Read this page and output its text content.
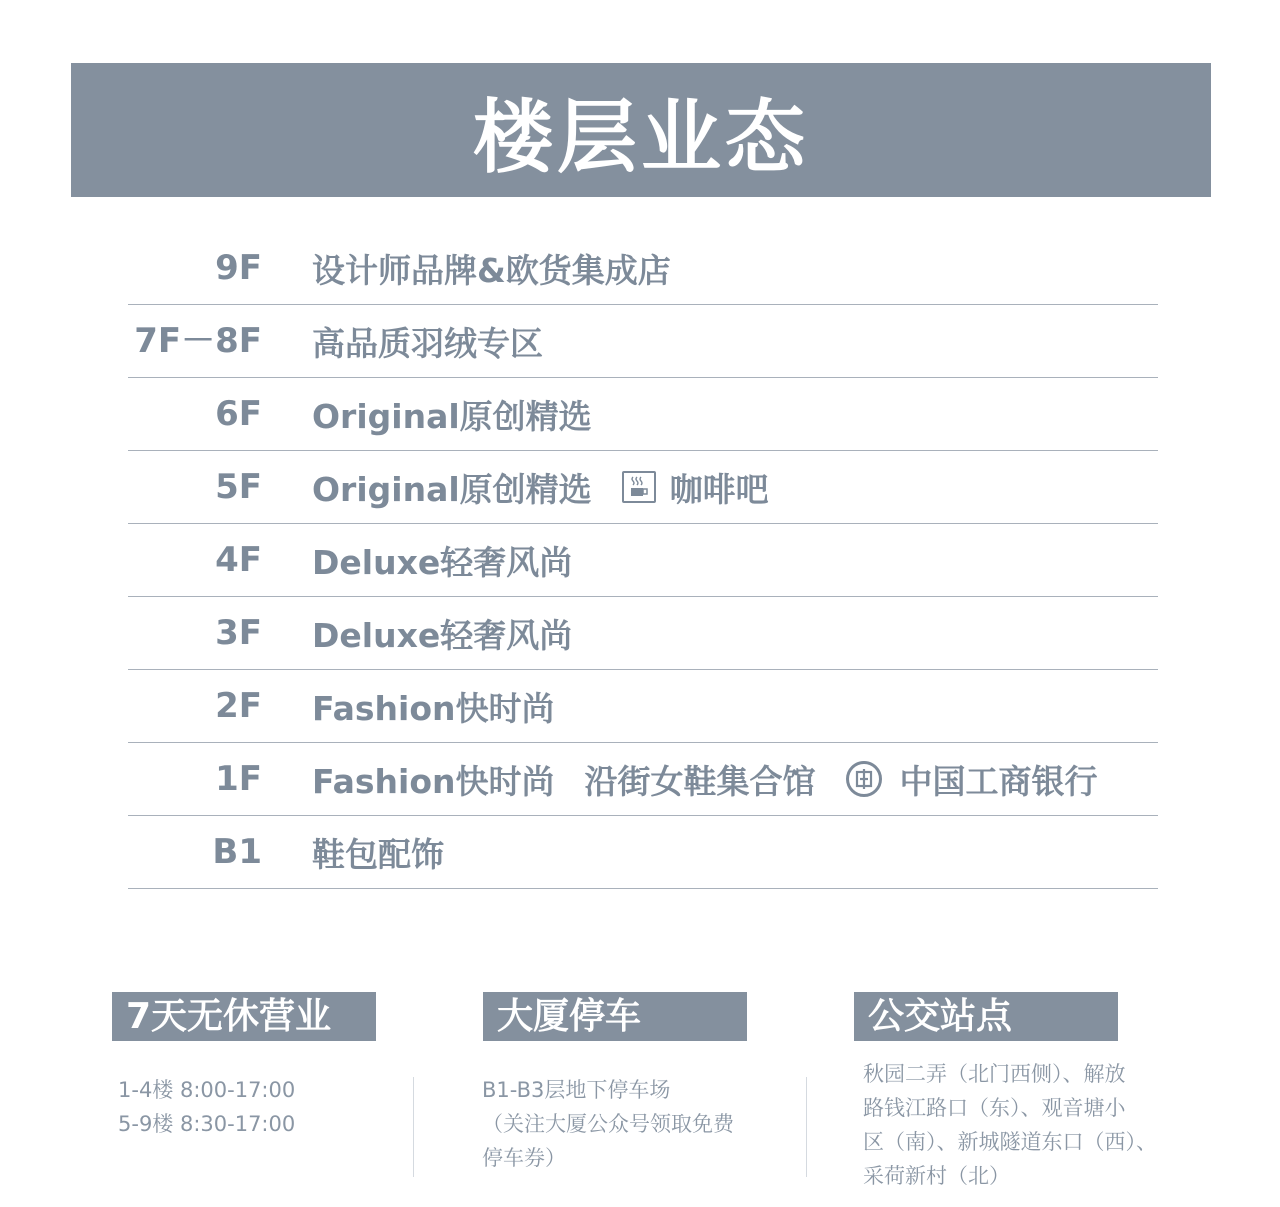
楼层业态
9F 设计师品牌&欧货集成店
7F－8F 高品质羽绒专区
6F Original原创精选
5F Original原创精选 咖啡吧
4F Deluxe轻奢风尚
3F Deluxe轻奢风尚
2F Fashion快时尚
1F Fashion快时尚 沿街女鞋集合馆	中国工商银行
B1 鞋包配饰
7天无休营业
1-4楼 8:00-17:00
5-9楼 8:30-17:00
大厦停车
B1-B3层地下停车场
（关注大厦公众号领取免费
停车券）
公交站点
秋园二弄（北门西侧）、解放
路钱江路口（东）、观音塘小
区（南）、新城隧道东口（西）、
采荷新村（北）
